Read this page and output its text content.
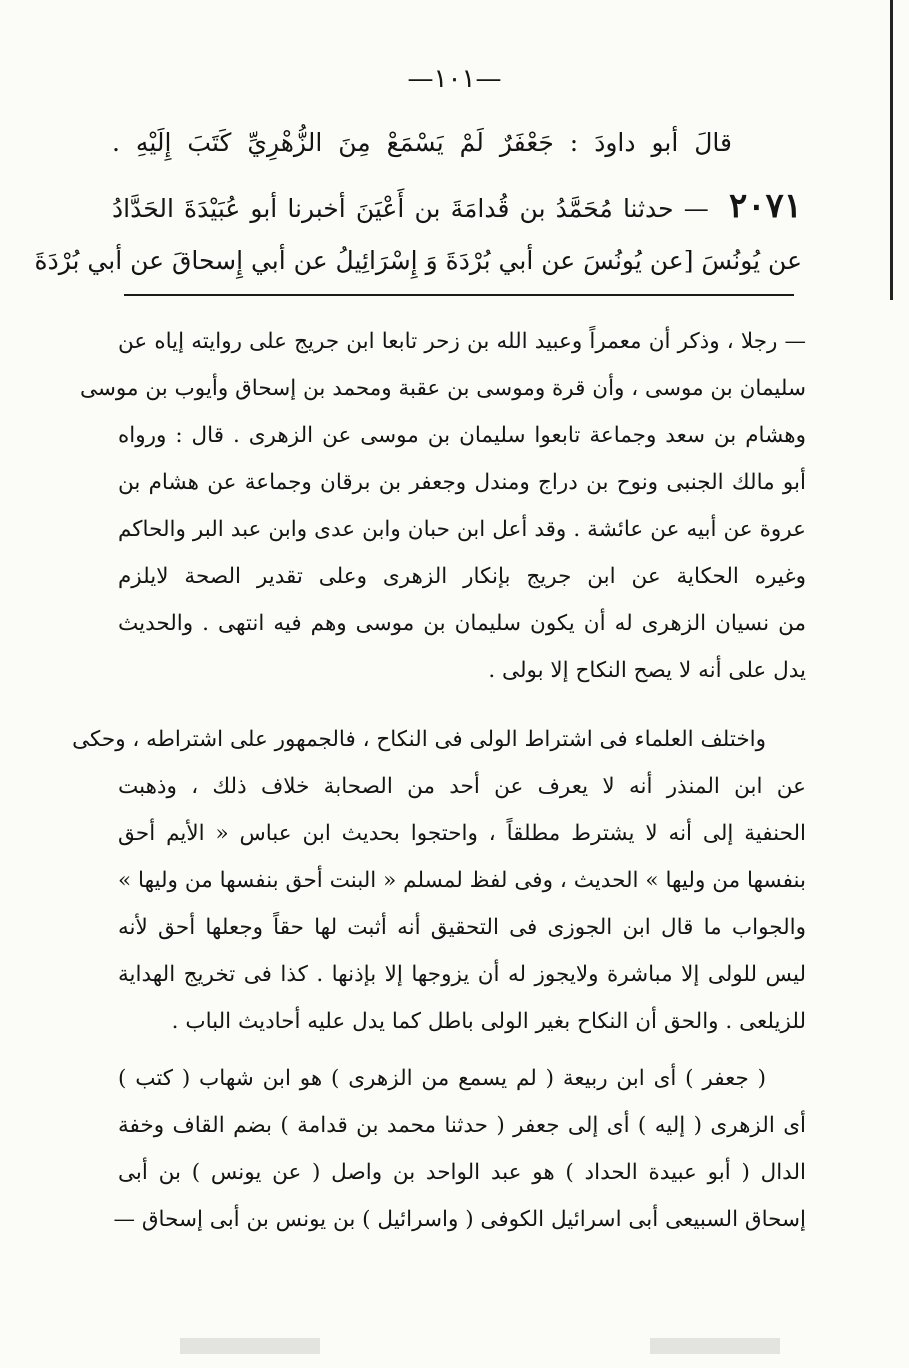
—١٠١—
قالَ أبو داودَ : جَعْفَرٌ لَمْ يَسْمَعْ مِنَ الزُّهْرِيِّ كَتَبَ إِلَيْهِ .
٢٠٧١ — حدثنا مُحَمَّدُ بن قُدامَةَ بن أَعْيَنَ أخبرنا أبو عُبَيْدَةَ الحَدَّادُ
عن يُونُسَ [عن يُونُسَ عن أبي بُرْدَةَ وَ إِسْرَائِيلُ عن أبي إِسحاقَ عن أبي بُرْدَةَ
— رجلا ، وذكر أن معمراً وعبيد الله بن زحر تابعا ابن جريج على روايته إياه عن
سليمان بن موسى ، وأن قرة وموسى بن عقبة ومحمد بن إسحاق وأيوب بن موسى
وهشام بن سعد وجماعة تابعوا سليمان بن موسى عن الزهرى . قال : ورواه
أبو مالك الجنبى ونوح بن دراج ومندل وجعفر بن برقان وجماعة عن هشام بن
عروة عن أبيه عن عائشة . وقد أعل ابن حبان وابن عدى وابن عبد البر والحاكم
وغيره الحكاية عن ابن جريج بإنكار الزهرى وعلى تقدير الصحة لايلزم
من نسيان الزهرى له أن يكون سليمان بن موسى وهم فيه انتهى . والحديث
يدل على أنه لا يصح النكاح إلا بولى .
واختلف العلماء فى اشتراط الولى فى النكاح ، فالجمهور على اشتراطه ، وحكى
عن ابن المنذر أنه لا يعرف عن أحد من الصحابة خلاف ذلك ، وذهبت
الحنفية إلى أنه لا يشترط مطلقاً ، واحتجوا بحديث ابن عباس « الأيم أحق
بنفسها من وليها » الحديث ، وفى لفظ لمسلم « البنت أحق بنفسها من وليها »
والجواب ما قال ابن الجوزى فى التحقيق أنه أثبت لها حقاً وجعلها أحق لأنه
ليس للولى إلا مباشرة ولايجوز له أن يزوجها إلا بإذنها . كذا فى تخريج الهداية
للزيلعى . والحق أن النكاح بغير الولى باطل كما يدل عليه أحاديث الباب .
( جعفر ) أى ابن ربيعة ( لم يسمع من الزهرى ) هو ابن شهاب ( كتب )
أى الزهرى ( إليه ) أى إلى جعفر ( حدثنا محمد بن قدامة ) بضم القاف وخفة
الدال ( أبو عبيدة الحداد ) هو عبد الواحد بن واصل ( عن يونس ) بن أبى
إسحاق السبيعى أبى اسرائيل الكوفى ( واسرائيل ) بن يونس بن أبى إسحاق —
